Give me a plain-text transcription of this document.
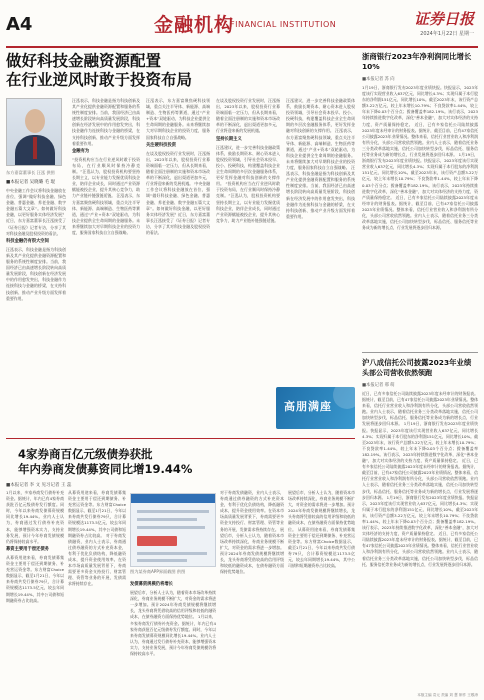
A4	金融机构
FINANCIAL INSTITUTION	证券日报
2024年1月22日 星期一
做好科技金融资源配置
在行业逆风时敢于投资布局
东方嘉富董事长 汪泓 供图
■本报记者 吴晓璐 毛 琨
中央金融工作会议将科技金融放在首位，强调“做好科技金融、绿色金融、普惠金融、养老金融、数字金融五篇大文章”。如何做好科技金融，以更好服务实体经济发展？近日，东方嘉富董事长汪泓接受了《证券日报》记者专访，分享了其对科技金融及股权投资的看法。
科技金融仍有很大空间
汪泓表示，科技金融是指为科技创新及其产业化提供金融资源配置和服务的系统性制度安排。当前，我国经济已由高速增长阶段转向高质量发展阶段，科技创新在经济发展中的作用愈发突出，科技金融作为连接科技与金融的桥梁，在支持科技创新、推动产业升级方面发挥着重要作用。
汪泓表示，科技金融是指为科技创新及其产业化提供金融资源配置和服务的系统性制度安排。当前，我国经济已由高速增长阶段转向高质量发展阶段，科技创新在经济发展中的作用愈发突出，科技金融作为连接科技与金融的桥梁，在支持科技创新、推动产业升级方面发挥着重要作用。
金融有为
“投资机构应当在行业逆风时敢于投资布局，在行业顺风时保持冷静克制。”汪泓认为，股权投资机构要坚持长期主义，以专业能力发掘优质科技企业，陪伴企业成长，同时通过产业资源赋能被投企业，提升其核心竞争力，助力产业链补链强链延链。 汪泓表示，东方嘉富聚焦硬科技领域，重点关注半导体、新能源、高端制造、生物医药等赛道，通过“产业+资本”双轮驱动，为科技企业提供全生命周期的金融服务。未来将继续加大对早期科技企业的投资力度，服务国家科技自立自强战略。
汪泓表示，东方嘉富聚焦硬科技领域，重点关注半导体、新能源、高端制造、生物医药等赛道，通过“产业+资本”双轮驱动，为科技企业提供全生命周期的金融服务。未来将继续加大对早期科技企业的投资力度，服务国家科技自立自强战略。
关注硬科技投资
在谈及股权投资行业发展时，汪泓指出，2023年以来，股权投资行业募资端面临一定压力，但从长期来看，随着全面注册制的实施和资本市场改革的不断深化，退出渠道更加多元，行业将迎来新的发展机遇。 中央金融工作会议将科技金融放在首位，强调“做好科技金融、绿色金融、普惠金融、养老金融、数字金融五篇大文章”。如何做好科技金融，以更好服务实体经济发展？近日，东方嘉富董事长汪泓接受了《证券日报》记者专访，分享了其对科技金融及股权投资的看法。
在谈及股权投资行业发展时，汪泓指出，2023年以来，股权投资行业募资端面临一定压力，但从长期来看，随着全面注册制的实施和资本市场改革的不断深化，退出渠道更加多元，行业将迎来新的发展机遇。
坚持长期主义
汪泓建议，进一步完善科技金融政策体系，鼓励长期资本、耐心资本进入股权投资领域，引导社会资本投早、投小、投硬科技，构建覆盖科技企业全生命周期的多层次金融服务体系，更好发挥金融对科技创新的支撑作用。 “投资机构应当在行业逆风时敢于投资布局，在行业顺风时保持冷静克制。”汪泓认为，股权投资机构要坚持长期主义，以专业能力发掘优质科技企业，陪伴企业成长，同时通过产业资源赋能被投企业，提升其核心竞争力，助力产业链补链强链延链。
汪泓建议，进一步完善科技金融政策体系，鼓励长期资本、耐心资本进入股权投资领域，引导社会资本投早、投小、投硬科技，构建覆盖科技企业全生命周期的多层次金融服务体系，更好发挥金融对科技创新的支撑作用。 汪泓表示，东方嘉富聚焦硬科技领域，重点关注半导体、新能源、高端制造、生物医药等赛道，通过“产业+资本”双轮驱动，为科技企业提供全生命周期的金融服务。未来将继续加大对早期科技企业的投资力度，服务国家科技自立自强战略。 汪泓表示，科技金融是指为科技创新及其产业化提供金融资源配置和服务的系统性制度安排。当前，我国经济已由高速增长阶段转向高质量发展阶段，科技创新在经济发展中的作用愈发突出，科技金融作为连接科技与金融的桥梁，在支持科技创新、推动产业升级方面发挥着重要作用。
高朋满座
浙商银行2023年净利润同比增长10%
■本报记者 苏 向
1月19日，浙商银行发布2023年度业绩快报。快报显示，2023年度该行实现营业收入637亿元，同比增长4.3%；实现归属于本行股东的净利润151亿元，同比增长10%。截至2023年末，该行资产总额3.22万亿元，较上年末增长10.79%；不良贷款率1.44%，较上年末下降0.03个百分点；拨备覆盖率182.19%。该行表示，2023年持续推进数字化改革，深化“善本金融”，加大对实体经济的支持力度，资产质量保持稳定。 近日，已有多家信托公司陆续披露2023年度未经审计的财务报表。据统计，截至目前，已有47家信托公司披露2023年业绩情况。整体来看，信托行业营业收入和净利润有所分化，头部公司营收依然领跑。业内人士表示，随着信托业务三分类改革落地实施，信托公司加快转型步伐，标品信托、服务信托等业务成为新的增长点，行业发展将逐步回归本源。 1月19日，浙商银行发布2023年度业绩快报。快报显示，2023年度该行实现营业收入637亿元，同比增长4.3%；实现归属于本行股东的净利润151亿元，同比增长10%。截至2023年末，该行资产总额3.22万亿元，较上年末增长10.79%；不良贷款率1.44%，较上年末下降0.03个百分点；拨备覆盖率182.19%。该行表示，2023年持续推进数字化改革，深化“善本金融”，加大对实体经济的支持力度，资产质量保持稳定。 近日，已有多家信托公司陆续披露2023年度未经审计的财务报表。据统计，截至目前，已有47家信托公司披露2023年业绩情况。整体来看，信托行业营业收入和净利润有所分化，头部公司营收依然领跑。业内人士表示，随着信托业务三分类改革落地实施，信托公司加快转型步伐，标品信托、服务信托等业务成为新的增长点，行业发展将逐步回归本源。
沪八成信托公司披露2023年业绩
头部公司营收依然领跑
■本报记者 邢 萌
近日，已有多家信托公司陆续披露2023年度未经审计的财务报表。据统计，截至目前，已有47家信托公司披露2023年业绩情况。整体来看，信托行业营业收入和净利润有所分化，头部公司营收依然领跑。业内人士表示，随着信托业务三分类改革落地实施，信托公司加快转型步伐，标品信托、服务信托等业务成为新的增长点，行业发展将逐步回归本源。 1月19日，浙商银行发布2023年度业绩快报。快报显示，2023年度该行实现营业收入637亿元，同比增长4.3%；实现归属于本行股东的净利润151亿元，同比增长10%。截至2023年末，该行资产总额3.22万亿元，较上年末增长10.79%；不良贷款率1.44%，较上年末下降0.03个百分点；拨备覆盖率182.19%。该行表示，2023年持续推进数字化改革，深化“善本金融”，加大对实体经济的支持力度，资产质量保持稳定。 近日，已有多家信托公司陆续披露2023年度未经审计的财务报表。据统计，截至目前，已有47家信托公司披露2023年业绩情况。整体来看，信托行业营业收入和净利润有所分化，头部公司营收依然领跑。业内人士表示，随着信托业务三分类改革落地实施，信托公司加快转型步伐，标品信托、服务信托等业务成为新的增长点，行业发展将逐步回归本源。 1月19日，浙商银行发布2023年度业绩快报。快报显示，2023年度该行实现营业收入637亿元，同比增长4.3%；实现归属于本行股东的净利润151亿元，同比增长10%。截至2023年末，该行资产总额3.22万亿元，较上年末增长10.79%；不良贷款率1.44%，较上年末下降0.03个百分点；拨备覆盖率182.19%。该行表示，2023年持续推进数字化改革，深化“善本金融”，加大对实体经济的支持力度，资产质量保持稳定。 近日，已有多家信托公司陆续披露2023年度未经审计的财务报表。据统计，截至目前，已有47家信托公司披露2023年业绩情况。整体来看，信托行业营业收入和净利润有所分化，头部公司营收依然领跑。业内人士表示，随着信托业务三分类改革落地实施，信托公司加快转型步伐，标品信托、服务信托等业务成为新的增长点，行业发展将逐步回归本源。
4家券商百亿元级债券获批
年内券商发债募资同比增19.44%
■本报记者 李 文 见习记者 王 蕊
1月以来，多家券商发行债券补充资金。据统计，年内已有4家券商获批百亿元级债券发行额度。同时，今年以来券商发债募资规模同比增长19.44%。业内人士认为，券商通过发行债券补充资本，能够增强资本实力，支持业务发展，预计今年券商发债规模仍将保持较高水平。
募资主要用于偿还债务
从募资用途来看，券商发债募集资金主要用于偿还到期债务、补充营运资金等。东方财富Choice数据显示，截至1月21日，今年以来券商共发行债券79只，合计募资规模达1173.5亿元，较去年同期增长19.44%，其中公司债和短期融资券占比较高。
从募资用途来看，券商发债募集资金主要用于偿还到期债务、补充营运资金等。东方财富Choice数据显示，截至1月21日，今年以来券商共发行债券79只，合计募资规模达1173.5亿元，较去年同期增长19.44%，其中公司债和短期融资券占比较高。 对于券商发债融资，业内人士表示，券商通过债券融资的方式补充资本金，有利于优化负债结构，降低融资成本，提升资金使用效率。在资本市场高质量发展背景下，券商需要更多资金支持投行、财富管理、资管等业务的开展，发债需求将持续存在。
图为某券商APP界面截图 供图
发债募资规模仍将增长
展望后市，分析人士认为，随着资本市场改革持续深化，券商业务规模不断扩大，对资金的需求将进一步增加。预计2024年券商发债规模将继续增长，龙头券商将凭借较高的信用评级和较低的融资成本，在债券融资方面保持优势地位。 1月以来，多家券商发行债券补充资金。据统计，年内已有4家券商获批百亿元级债券发行额度。同时，今年以来券商发债募资规模同比增长19.44%。业内人士认为，券商通过发行债券补充资本，能够增强资本实力，支持业务发展，预计今年券商发债规模仍将保持较高水平。
对于券商发债融资，业内人士表示，券商通过债券融资的方式补充资本金，有利于优化负债结构，降低融资成本，提升资金使用效率。在资本市场高质量发展背景下，券商需要更多资金支持投行、财富管理、资管等业务的开展，发债需求将持续存在。 展望后市，分析人士认为，随着资本市场改革持续深化，券商业务规模不断扩大，对资金的需求将进一步增加。预计2024年券商发债规模将继续增长，龙头券商将凭借较高的信用评级和较低的融资成本，在债券融资方面保持优势地位。
展望后市，分析人士认为，随着资本市场改革持续深化，券商业务规模不断扩大，对资金的需求将进一步增加。预计2024年券商发债规模将继续增长，龙头券商将凭借较高的信用评级和较低的融资成本，在债券融资方面保持优势地位。 从募资用途来看，券商发债募集资金主要用于偿还到期债务、补充营运资金等。东方财富Choice数据显示，截至1月21日，今年以来券商共发行债券79只，合计募资规模达1173.5亿元，较去年同期增长19.44%，其中公司债和短期融资券占比较高。
本版主编 袁元 责编 刘 慧 制作 王敬涛
